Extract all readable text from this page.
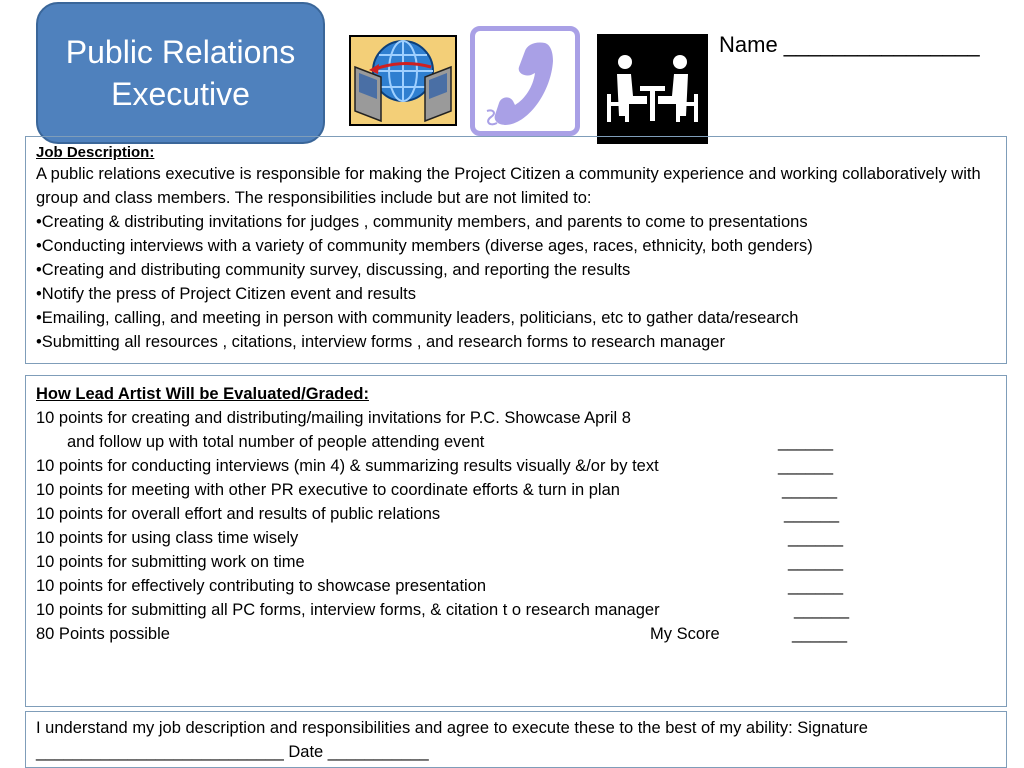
Public Relations
Executive
Name ________________
Job Description:
A public relations executive is responsible for making the Project Citizen a community experience and working collaboratively with group and class members. The responsibilities include but are not limited to:
•Creating & distributing invitations for judges , community members, and parents to come to presentations
•Conducting interviews with a variety of community members (diverse ages, races, ethnicity, both genders)
•Creating and distributing community survey, discussing, and reporting the results
•Notify the press of Project Citizen event and results
•Emailing, calling, and meeting in person with community leaders, politicians, etc to gather data/research
•Submitting all resources , citations, interview forms , and research forms to research manager
How Lead Artist Will be Evaluated/Graded:
10 points for creating and distributing/mailing invitations for P.C. Showcase April 8
and follow up with total number of people attending event	______
10 points for conducting interviews (min 4) & summarizing results visually &/or by text	______
10 points for meeting with other PR executive to coordinate efforts & turn in plan	______
10 points for overall effort and results of public relations	______
10 points for using class time wisely	______
10 points for submitting work on time	______
10 points for effectively contributing to showcase presentation	______
10 points for submitting all PC forms, interview forms, & citation t o research manager	______
80 Points possible	My Score	______
I understand my job description and responsibilities and agree to execute these to the best of my ability: Signature
___________________________ Date ___________
